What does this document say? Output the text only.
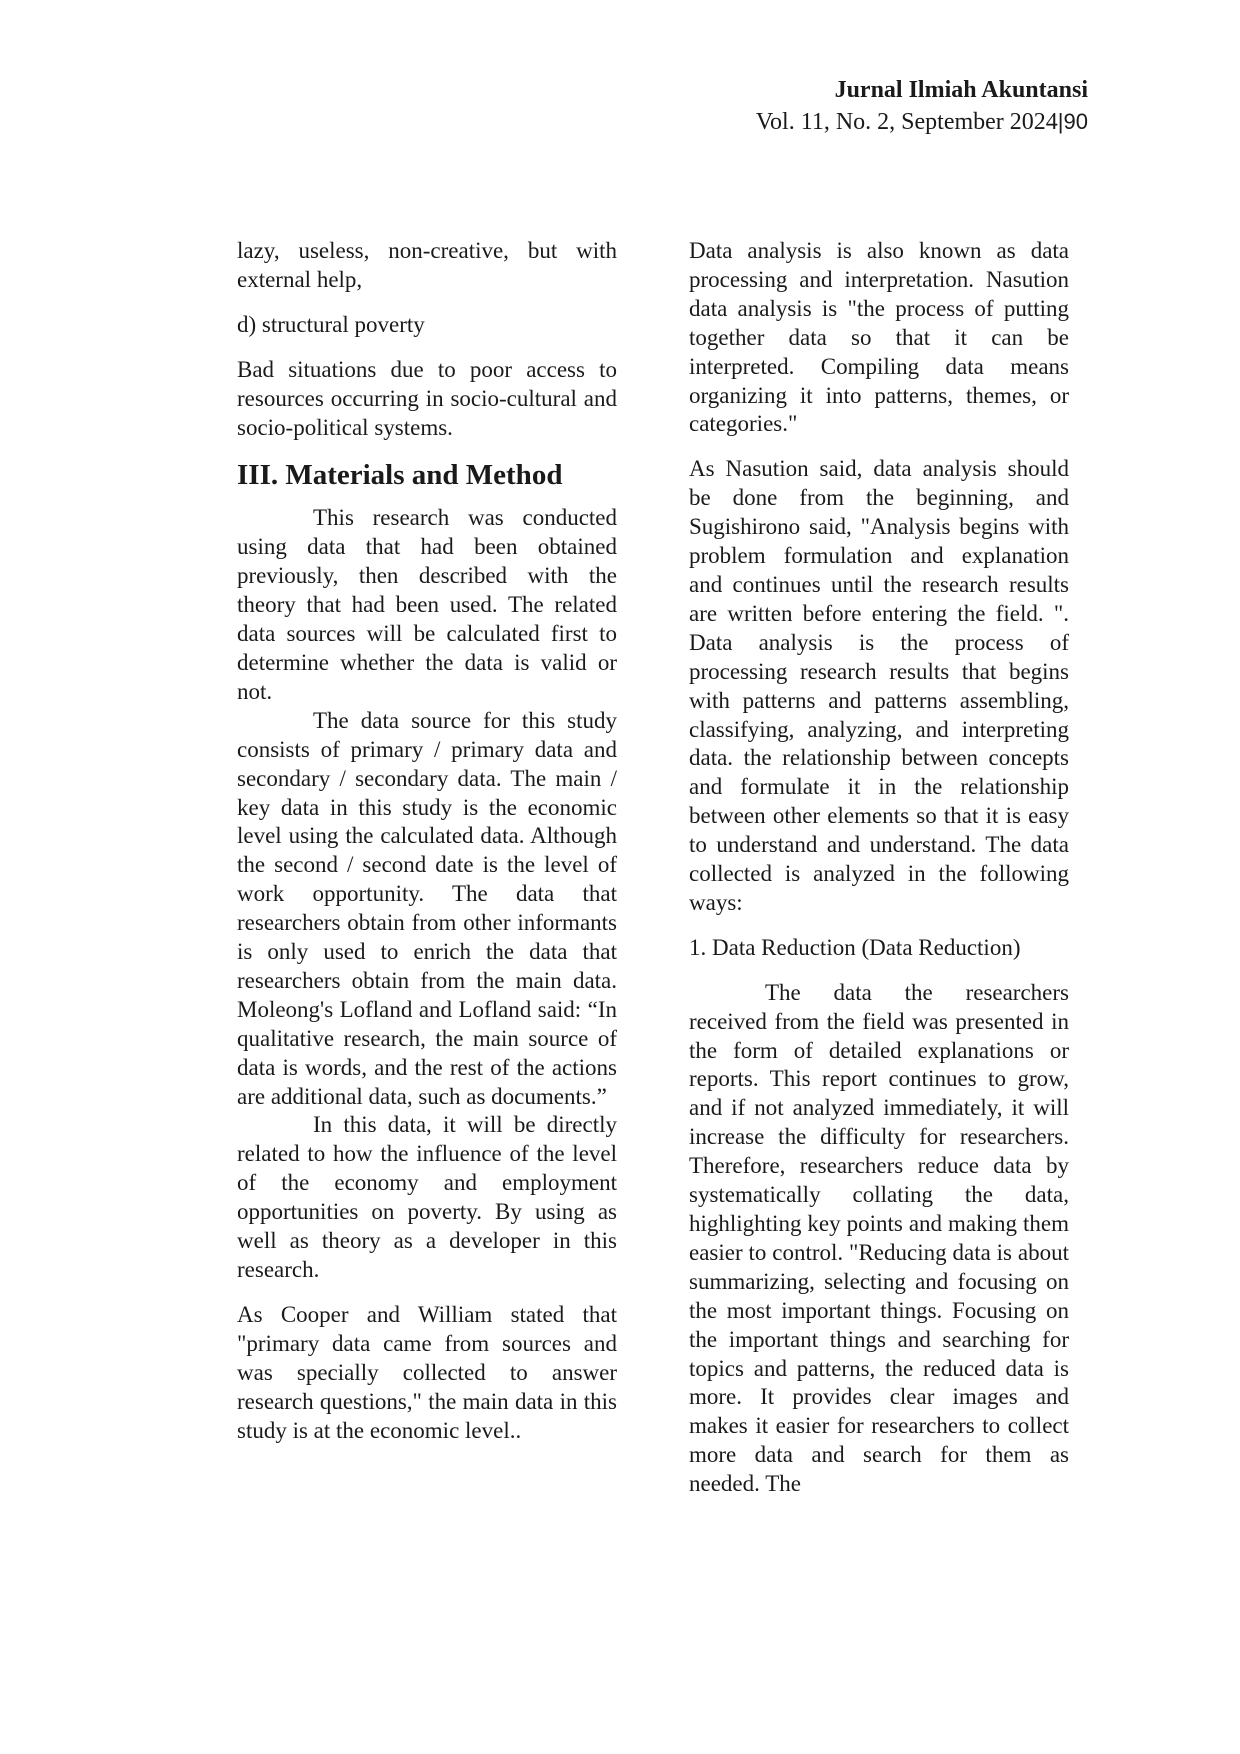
Jurnal Ilmiah Akuntansi
Vol. 11, No. 2, September 2024|90

lazy, useless, non-creative, but with external help,

d) structural poverty

Bad situations due to poor access to resources occurring in socio-cultural and socio-political systems.

III. Materials and Method

This research was conducted using data that had been obtained previously, then described with the theory that had been used. The related data sources will be calculated first to determine whether the data is valid or not.

The data source for this study consists of primary / primary data and secondary / secondary data. The main / key data in this study is the economic level using the calculated data. Although the second / second date is the level of work opportunity. The data that researchers obtain from other informants is only used to enrich the data that researchers obtain from the main data. Moleong's Lofland and Lofland said: “In qualitative research, the main source of data is words, and the rest of the actions are additional data, such as documents.”

In this data, it will be directly related to how the influence of the level of the economy and employment opportunities on poverty. By using as well as theory as a developer in this research.

As Cooper and William stated that "primary data came from sources and was specially collected to answer research questions," the main data in this study is at the economic level..

Data analysis is also known as data processing and interpretation. Nasution data analysis is "the process of putting together data so that it can be interpreted. Compiling data means organizing it into patterns, themes, or categories."

As Nasution said, data analysis should be done from the beginning, and Sugishirono said, "Analysis begins with problem formulation and explanation and continues until the research results are written before entering the field. ". Data analysis is the process of processing research results that begins with patterns and patterns assembling, classifying, analyzing, and interpreting data. the relationship between concepts and formulate it in the relationship between other elements so that it is easy to understand and understand. The data collected is analyzed in the following ways:

1. Data Reduction (Data Reduction)

The data the researchers received from the field was presented in the form of detailed explanations or reports. This report continues to grow, and if not analyzed immediately, it will increase the difficulty for researchers. Therefore, researchers reduce data by systematically collating the data, highlighting key points and making them easier to control. "Reducing data is about summarizing, selecting and focusing on the most important things. Focusing on the important things and searching for topics and patterns, the reduced data is more. It provides clear images and makes it easier for researchers to collect more data and search for them as needed. The
